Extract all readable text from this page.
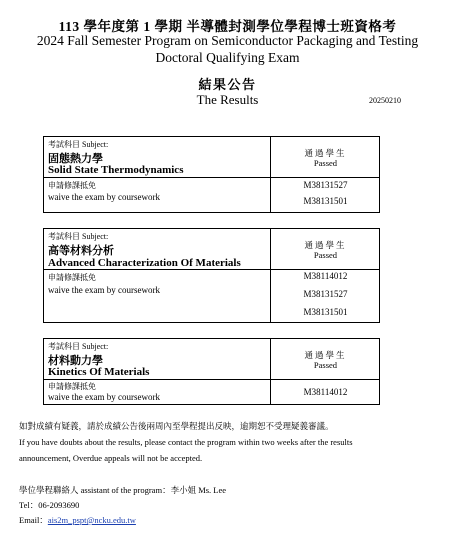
113 學年度第 1 學期 半導體封測學位學程博士班資格考
2024 Fall Semester Program on Semiconductor Packaging and Testing
Doctoral Qualifying Exam
結果公告
The Results	20250210
考試科目 Subject:
固態熱力學
Solid State Thermodynamics
通過學生
Passed
申請修課抵免
waive the exam by coursework
M38131527
M38131501
考試科目 Subject:
高等材料分析
Advanced Characterization Of Materials
通過學生
Passed
申請修課抵免
waive the exam by coursework
M38114012
M38131527
M38131501
考試科目 Subject:
材料動力學
Kinetics Of Materials
通過學生
Passed
申請修課抵免
waive the exam by coursework	M38114012
如對成績有疑義，請於成績公告後兩周內至學程提出反映，逾期恕不受理疑義審議。
If you have doubts about the results, please contact the program within two weeks after the results
announcement, Overdue appeals will not be accepted.
學位學程聯絡人 assistant of the program：李小姐 Ms. Lee
Tel：06-2093690
Email：ais2m_pspt@ncku.edu.tw
